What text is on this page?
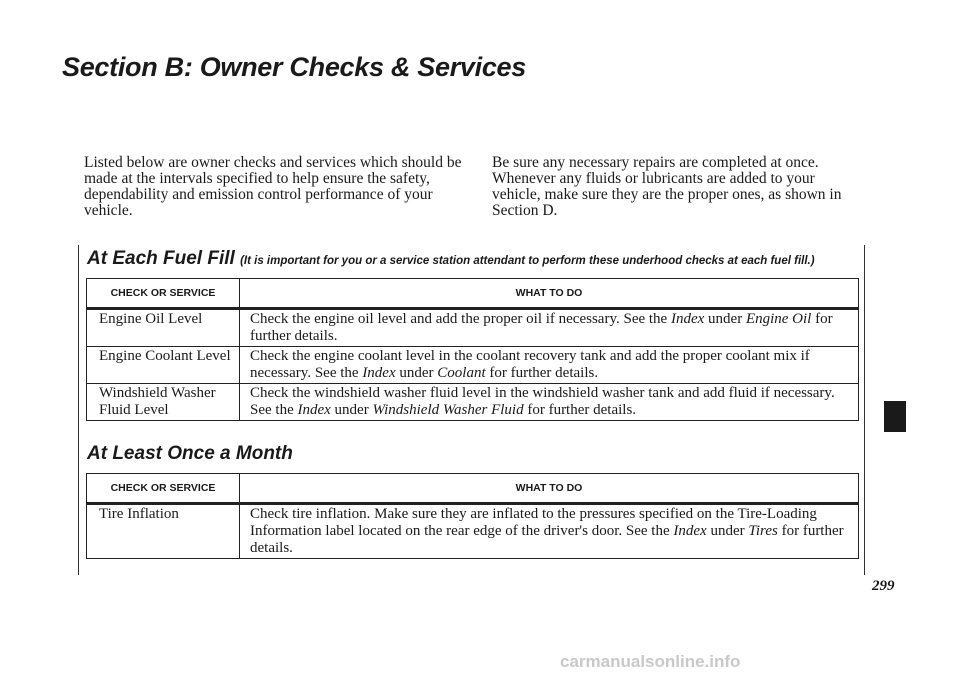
Section B: Owner Checks & Services

Listed below are owner checks and services which should be made at the intervals specified to help ensure the safety, dependability and emission control performance of your vehicle.

Be sure any necessary repairs are completed at once. Whenever any fluids or lubricants are added to your vehicle, make sure they are the proper ones, as shown in Section D.

At Each Fuel Fill (It is important for you or a service station attendant to perform these underhood checks at each fuel fill.)
CHECK OR SERVICE	WHAT TO DO
Engine Oil Level	Check the engine oil level and add the proper oil if necessary. See the Index under Engine Oil for further details.
Engine Coolant Level	Check the engine coolant level in the coolant recovery tank and add the proper coolant mix if necessary. See the Index under Coolant for further details.
Windshield Washer Fluid Level	Check the windshield washer fluid level in the windshield washer tank and add fluid if necessary. See the Index under Windshield Washer Fluid for further details.
At Least Once a Month
CHECK OR SERVICE	WHAT TO DO
Tire Inflation	Check tire inflation. Make sure they are inflated to the pressures specified on the Tire-Loading Information label located on the rear edge of the driver's door. See the Index under Tires for further details.
299
carmanualsonline.info
